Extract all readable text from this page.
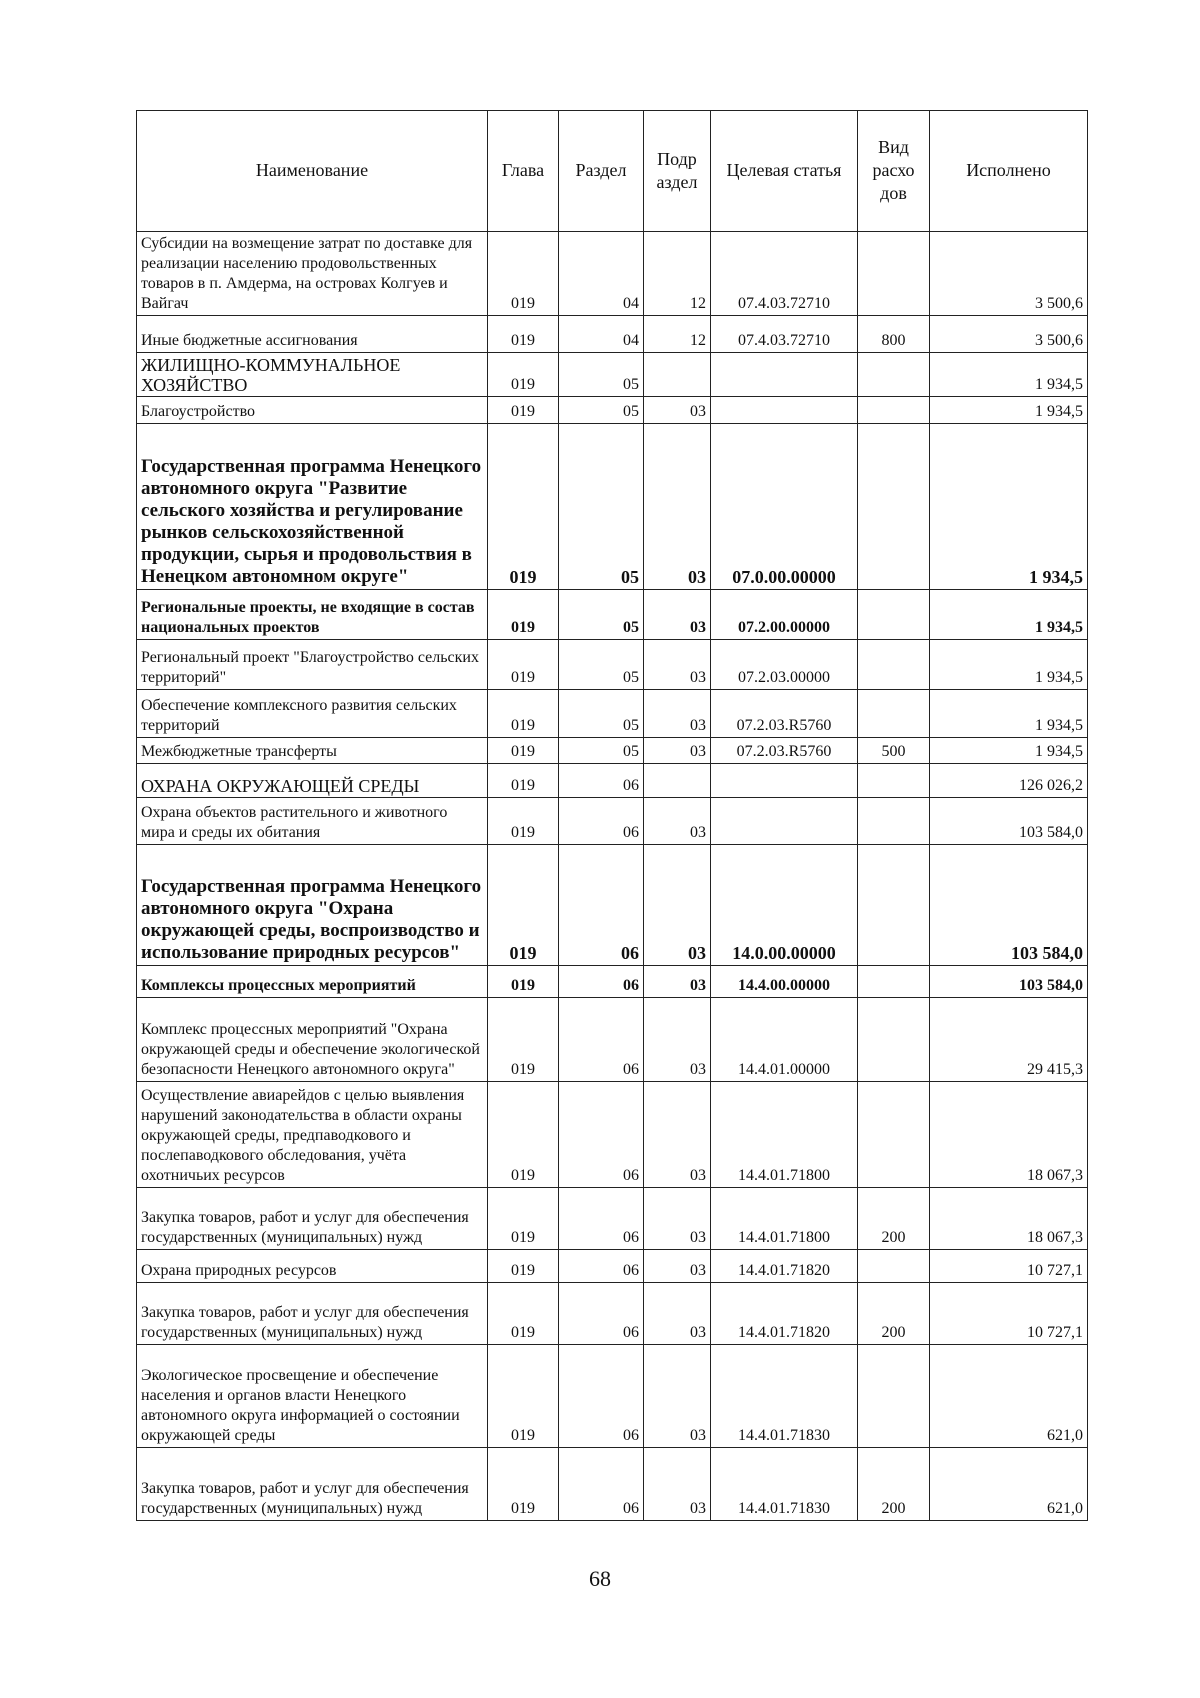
Наименование	Глава	Раздел	Подр аздел	Целевая статья	Вид расхо дов	Исполнено
Субсидии на возмещение затрат по доставке для реализации населению продовольственных товаров в п. Амдерма, на островах Колгуев и Вайгач	019	04	12	07.4.03.72710		3 500,6
Иные бюджетные ассигнования	019	04	12	07.4.03.72710	800	3 500,6
ЖИЛИЩНО-КОММУНАЛЬНОЕ ХОЗЯЙСТВО	019	05				1 934,5
Благоустройство	019	05	03			1 934,5
Государственная программа Ненецкого автономного округа "Развитие сельского хозяйства и регулирование рынков сельскохозяйственной продукции, сырья и продовольствия в Ненецком автономном округе"	019	05	03	07.0.00.00000		1 934,5
Региональные проекты, не входящие в состав национальных проектов	019	05	03	07.2.00.00000		1 934,5
Региональный проект "Благоустройство сельских территорий"	019	05	03	07.2.03.00000		1 934,5
Обеспечение комплексного развития сельских территорий	019	05	03	07.2.03.R5760		1 934,5
Межбюджетные трансферты	019	05	03	07.2.03.R5760	500	1 934,5
ОХРАНА ОКРУЖАЮЩЕЙ СРЕДЫ	019	06				126 026,2
Охрана объектов растительного и животного мира и среды их обитания	019	06	03			103 584,0
Государственная программа Ненецкого автономного округа "Охрана окружающей среды, воспроизводство и использование природных ресурсов"	019	06	03	14.0.00.00000		103 584,0
Комплексы процессных мероприятий	019	06	03	14.4.00.00000		103 584,0
Комплекс процессных мероприятий "Охрана окружающей среды и обеспечение экологической безопасности Ненецкого автономного округа"	019	06	03	14.4.01.00000		29 415,3
Осуществление авиарейдов с целью выявления нарушений законодательства в области охраны окружающей среды, предпаводкового и послепаводкового обследования, учёта охотничьих ресурсов	019	06	03	14.4.01.71800		18 067,3
Закупка товаров, работ и услуг для обеспечения государственных (муниципальных) нужд	019	06	03	14.4.01.71800	200	18 067,3
Охрана природных ресурсов	019	06	03	14.4.01.71820		10 727,1
Закупка товаров, работ и услуг для обеспечения государственных (муниципальных) нужд	019	06	03	14.4.01.71820	200	10 727,1
Экологическое просвещение и обеспечение населения и органов власти Ненецкого автономного округа информацией о состоянии окружающей среды	019	06	03	14.4.01.71830		621,0
Закупка товаров, работ и услуг для обеспечения государственных (муниципальных) нужд	019	06	03	14.4.01.71830	200	621,0
68
